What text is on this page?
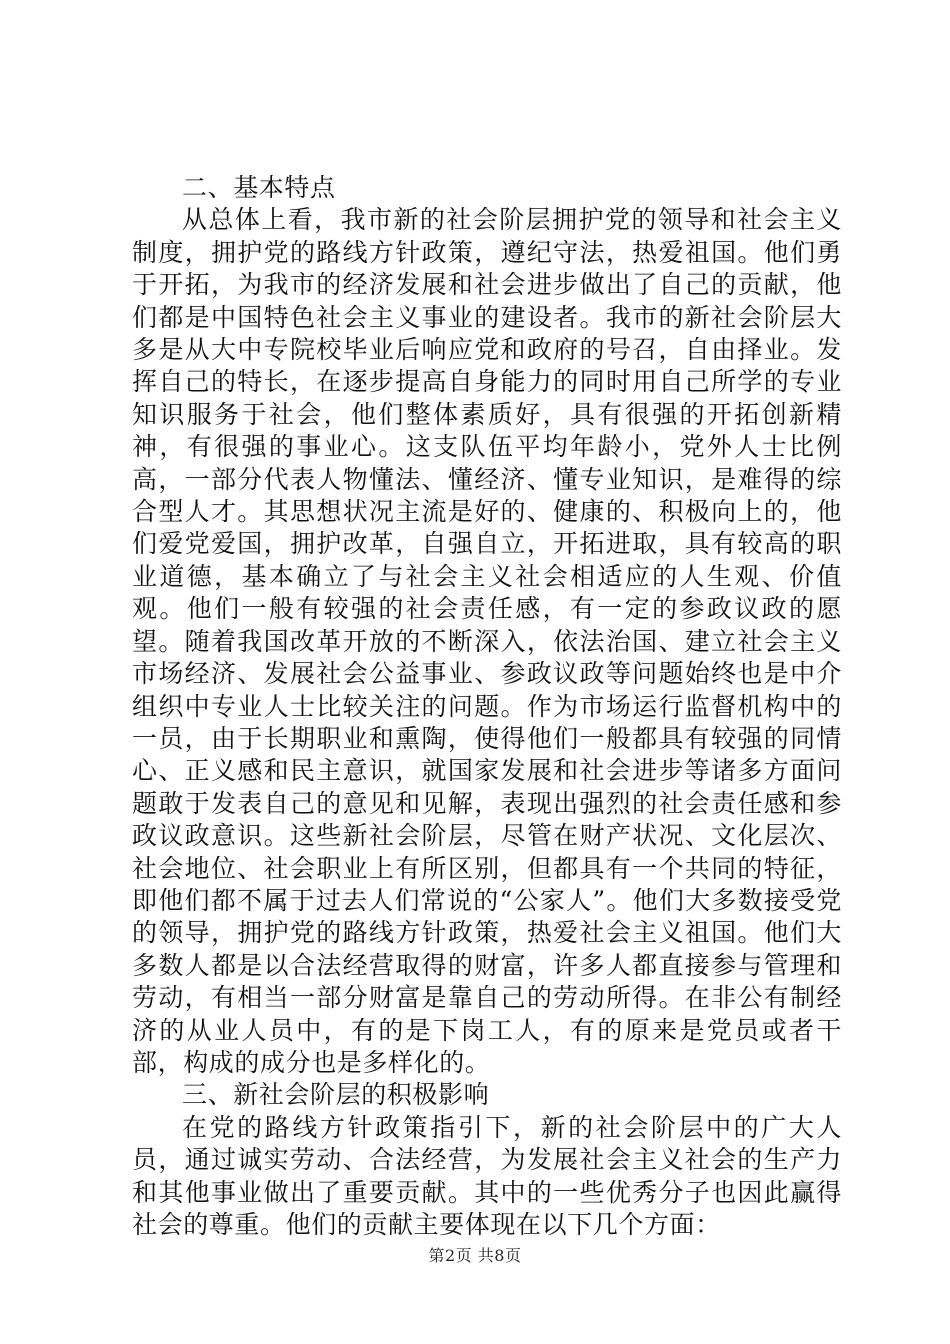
二、基本特点

从总体上看，我市新的社会阶层拥护党的领导和社会主义制度，拥护党的路线方针政策，遵纪守法，热爱祖国。他们勇于开拓，为我市的经济发展和社会进步做出了自己的贡献，他们都是中国特色社会主义事业的建设者。我市的新社会阶层大多是从大中专院校毕业后响应党和政府的号召，自由择业。发挥自己的特长，在逐步提高自身能力的同时用自己所学的专业知识服务于社会，他们整体素质好，具有很强的开拓创新精神，有很强的事业心。这支队伍平均年龄小，党外人士比例高，一部分代表人物懂法、懂经济、懂专业知识，是难得的综合型人才。其思想状况主流是好的、健康的、积极向上的，他们爱党爱国，拥护改革，自强自立，开拓进取，具有较高的职业道德，基本确立了与社会主义社会相适应的人生观、价值观。他们一般有较强的社会责任感，有一定的参政议政的愿望。随着我国改革开放的不断深入，依法治国、建立社会主义市场经济、发展社会公益事业、参政议政等问题始终也是中介组织中专业人士比较关注的问题。作为市场运行监督机构中的一员，由于长期职业和熏陶，使得他们一般都具有较强的同情心、正义感和民主意识，就国家发展和社会进步等诸多方面问题敢于发表自己的意见和见解，表现出强烈的社会责任感和参政议政意识。这些新社会阶层，尽管在财产状况、文化层次、社会地位、社会职业上有所区别，但都具有一个共同的特征，即他们都不属于过去人们常说的“公家人”。他们大多数接受党的领导，拥护党的路线方针政策，热爱社会主义祖国。他们大多数人都是以合法经营取得的财富，许多人都直接参与管理和劳动，有相当一部分财富是靠自己的劳动所得。在非公有制经济的从业人员中，有的是下岗工人，有的原来是党员或者干部，构成的成分也是多样化的。

三、新社会阶层的积极影响

在党的路线方针政策指引下，新的社会阶层中的广大人员，通过诚实劳动、合法经营，为发展社会主义社会的生产力和其他事业做出了重要贡献。其中的一些优秀分子也因此赢得社会的尊重。他们的贡献主要体现在以下几个方面：

第2页 共8页
